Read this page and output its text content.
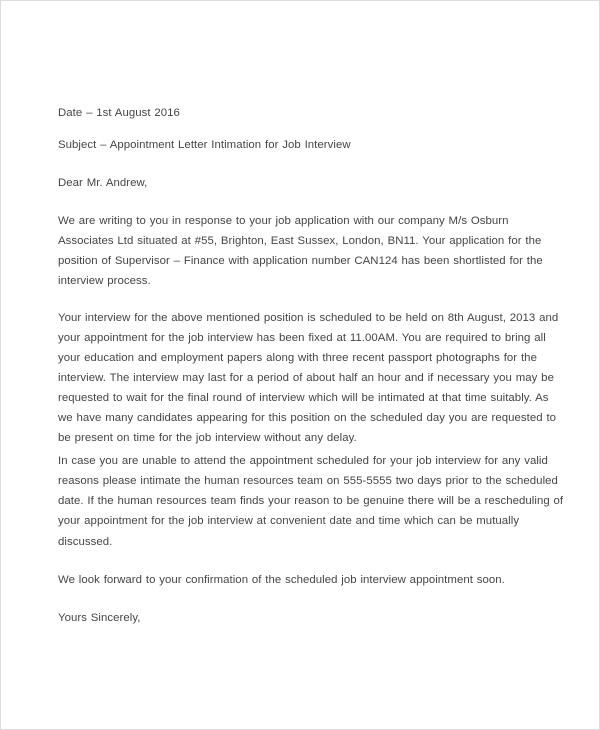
Date – 1st August 2016
Subject – Appointment Letter Intimation for Job Interview
Dear Mr. Andrew,
We are writing to you in response to your job application with our company M/s Osburn
Associates Ltd situated at #55, Brighton, East Sussex, London, BN11. Your application for the
position of Supervisor – Finance with application number CAN124 has been shortlisted for the
interview process.
Your interview for the above mentioned position is scheduled to be held on 8th August, 2013 and
your appointment for the job interview has been fixed at 11.00AM. You are required to bring all
your education and employment papers along with three recent passport photographs for the
interview. The interview may last for a period of about half an hour and if necessary you may be
requested to wait for the final round of interview which will be intimated at that time suitably. As
we have many candidates appearing for this position on the scheduled day you are requested to
be present on time for the job interview without any delay.
In case you are unable to attend the appointment scheduled for your job interview for any valid
reasons please intimate the human resources team on 555-5555 two days prior to the scheduled
date. If the human resources team finds your reason to be genuine there will be a rescheduling of
your appointment for the job interview at convenient date and time which can be mutually
discussed.
We look forward to your confirmation of the scheduled job interview appointment soon.
Yours Sincerely,
